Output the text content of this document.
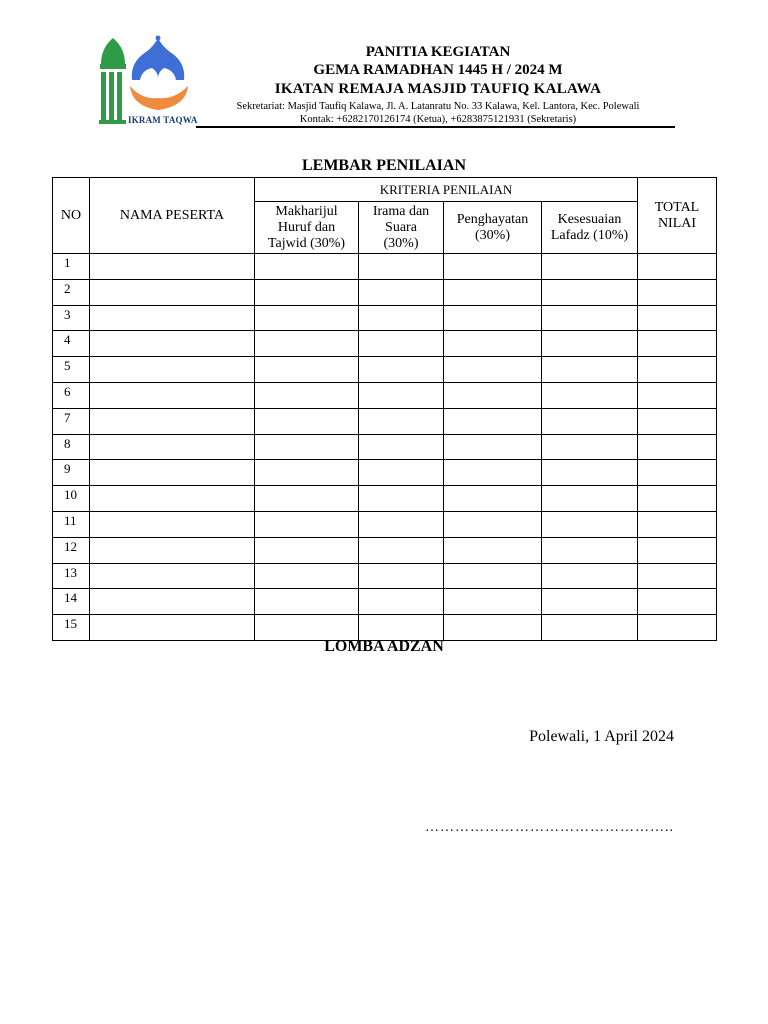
IKRAM TAQWA
PANITIA KEGIATAN
GEMA RAMADHAN 1445 H / 2024 M
IKATAN REMAJA MASJID TAUFIQ KALAWA
Sekretariat: Masjid Taufiq Kalawa, Jl. A. Latanratu No. 33 Kalawa, Kel. Lantora, Kec. Polewali
Kontak: +6282170126174 (Ketua), +6283875121931 (Sekretaris)
LEMBAR PENILAIAN
NO	NAMA PESERTA	KRITERIA PENILAIAN				TOTAL NILAI

		Makharijul Huruf dan Tajwid (30%)	Irama dan Suara (30%)	Penghayatan (30%)	Kesesuaian Lafadz (10%)	

1						
2						
3						
4						
5						
6						
7						
8						
9						
10						
11						
12						
13						
14						
15						
LOMBA ADZAN
Polewali, 1 April 2024
…………………………………………..
